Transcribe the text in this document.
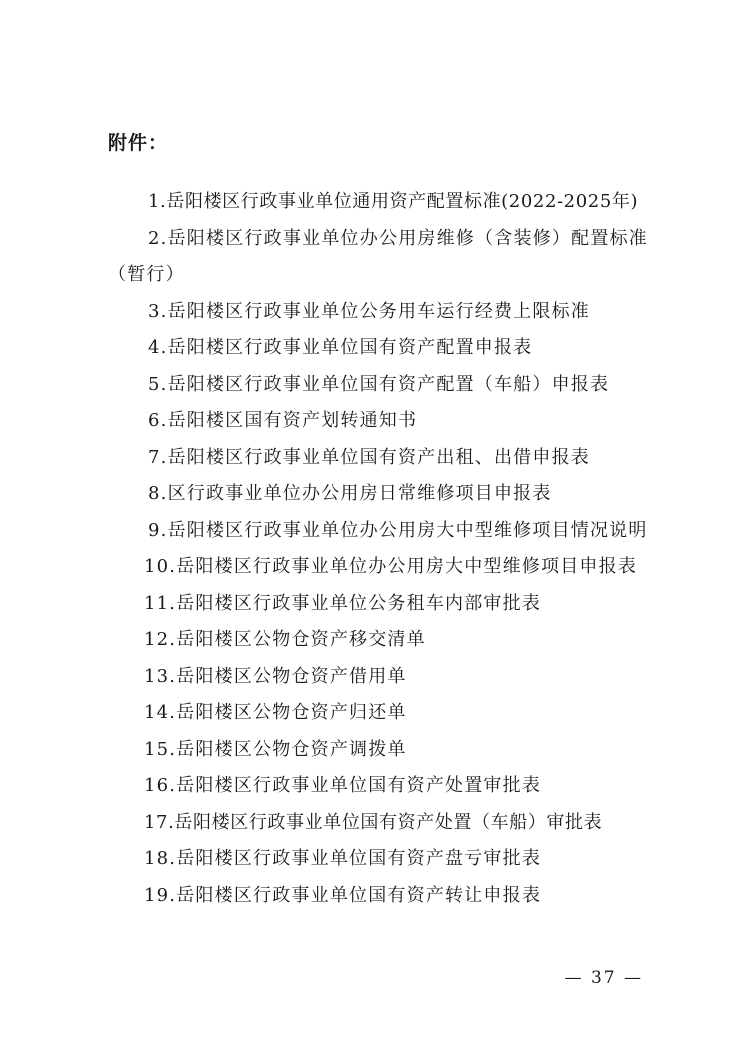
附件：
1.岳阳楼区行政事业单位通用资产配置标准(2022-2025年)
2.岳阳楼区行政事业单位办公用房维修（含装修）配置标准（暂行）
3.岳阳楼区行政事业单位公务用车运行经费上限标准
4.岳阳楼区行政事业单位国有资产配置申报表
5.岳阳楼区行政事业单位国有资产配置（车船）申报表
6.岳阳楼区国有资产划转通知书
7.岳阳楼区行政事业单位国有资产出租、出借申报表
8.区行政事业单位办公用房日常维修项目申报表
9.岳阳楼区行政事业单位办公用房大中型维修项目情况说明
10.岳阳楼区行政事业单位办公用房大中型维修项目申报表
11.岳阳楼区行政事业单位公务租车内部审批表
12.岳阳楼区公物仓资产移交清单
13.岳阳楼区公物仓资产借用单
14.岳阳楼区公物仓资产归还单
15.岳阳楼区公物仓资产调拨单
16.岳阳楼区行政事业单位国有资产处置审批表
17.岳阳楼区行政事业单位国有资产处置（车船）审批表
18.岳阳楼区行政事业单位国有资产盘亏审批表
19.岳阳楼区行政事业单位国有资产转让申报表
— 37 —
